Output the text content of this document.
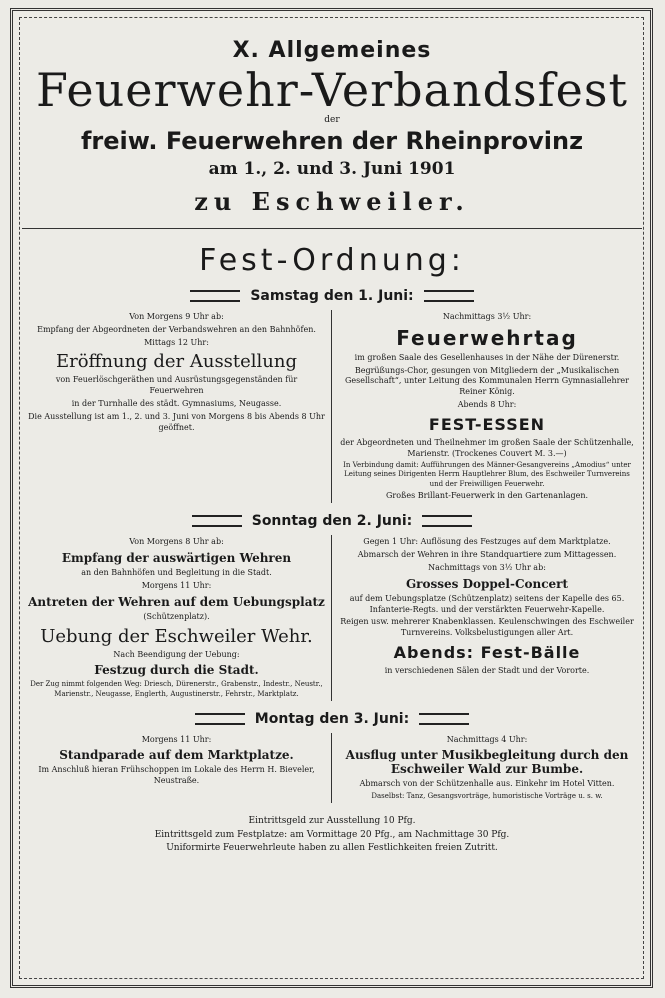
X. Allgemeines
Feuerwehr-Verbandsfest
der
freiw. Feuerwehren der Rheinprovinz
am 1., 2. und 3. Juni 1901
zu Eschweiler.
Fest-Ordnung:
Samstag den 1. Juni:
Von Morgens 9 Uhr ab:
Empfang der Abgeordneten der Verbandswehren an den Bahnhöfen.
Mittags 12 Uhr:
Eröffnung der Ausstellung
von Feuerlöschgeräthen und Ausrüstungsgegenständen für Feuerwehren
in der Turnhalle des städt. Gymnasiums, Neugasse.
Die Ausstellung ist am 1., 2. und 3. Juni von Morgens 8 bis Abends 8 Uhr geöffnet.
Nachmittags 3½ Uhr:
Feuerwehrtag
im großen Saale des Gesellenhauses in der Nähe der Dürenerstr.
Begrüßungs-Chor, gesungen von Mitgliedern der „Musikalischen Gesellschaft“, unter Leitung des Kommunalen Herrn Gymnasiallehrer Reiner König.
Abends 8 Uhr:
FEST-ESSEN
der Abgeordneten und Theilnehmer im großen Saale der Schützenhalle, Marienstr. (Trockenes Couvert M. 3.—)
In Verbindung damit: Aufführungen des Männer-Gesangvereins „Amodius“ unter Leitung seines Dirigenten Herrn Hauptlehrer Blum, des Eschweiler Turnvereins und der Freiwilligen Feuerwehr.
Großes Brillant-Feuerwerk in den Gartenanlagen.
Sonntag den 2. Juni:
Von Morgens 8 Uhr ab:
Empfang der auswärtigen Wehren
an den Bahnhöfen und Begleitung in die Stadt.
Morgens 11 Uhr:
Antreten der Wehren auf dem Uebungsplatz
(Schützenplatz).
Uebung der Eschweiler Wehr.
Nach Beendigung der Uebung:
Festzug durch die Stadt.
Der Zug nimmt folgenden Weg: Driesch, Dürenerstr., Grabenstr., Indestr., Neustr., Marienstr., Neugasse, Englerth, Augustinerstr., Fehrstr., Marktplatz.
Gegen 1 Uhr: Auflösung des Festzuges auf dem Marktplatze.
Abmarsch der Wehren in ihre Standquartiere zum Mittagessen.
Nachmittags von 3½ Uhr ab:
Grosses Doppel-Concert
auf dem Uebungsplatze (Schützenplatz) seitens der Kapelle des 65. Infanterie-Regts. und der verstärkten Feuerwehr-Kapelle.
Reigen usw. mehrerer Knabenklassen. Keulenschwingen des Eschweiler Turnvereins. Volksbelustigungen aller Art.
Abends: Fest-Bälle
in verschiedenen Sälen der Stadt und der Vororte.
Montag den 3. Juni:
Morgens 11 Uhr:
Standparade auf dem Marktplatze.
Im Anschluß hieran Frühschoppen im Lokale des Herrn H. Bieveler, Neustraße.
Nachmittags 4 Uhr:
Ausflug unter Musikbegleitung durch den Eschweiler Wald zur Bumbe.
Abmarsch von der Schützenhalle aus. Einkehr im Hotel Vitten.
Daselbst: Tanz, Gesangsvorträge, humoristische Vorträge u. s. w.
Eintrittsgeld zur Ausstellung 10 Pfg.
Eintrittsgeld zum Festplatze: am Vormittage 20 Pfg., am Nachmittage 30 Pfg.
Uniformirte Feuerwehrleute haben zu allen Festlichkeiten freien Zutritt.
